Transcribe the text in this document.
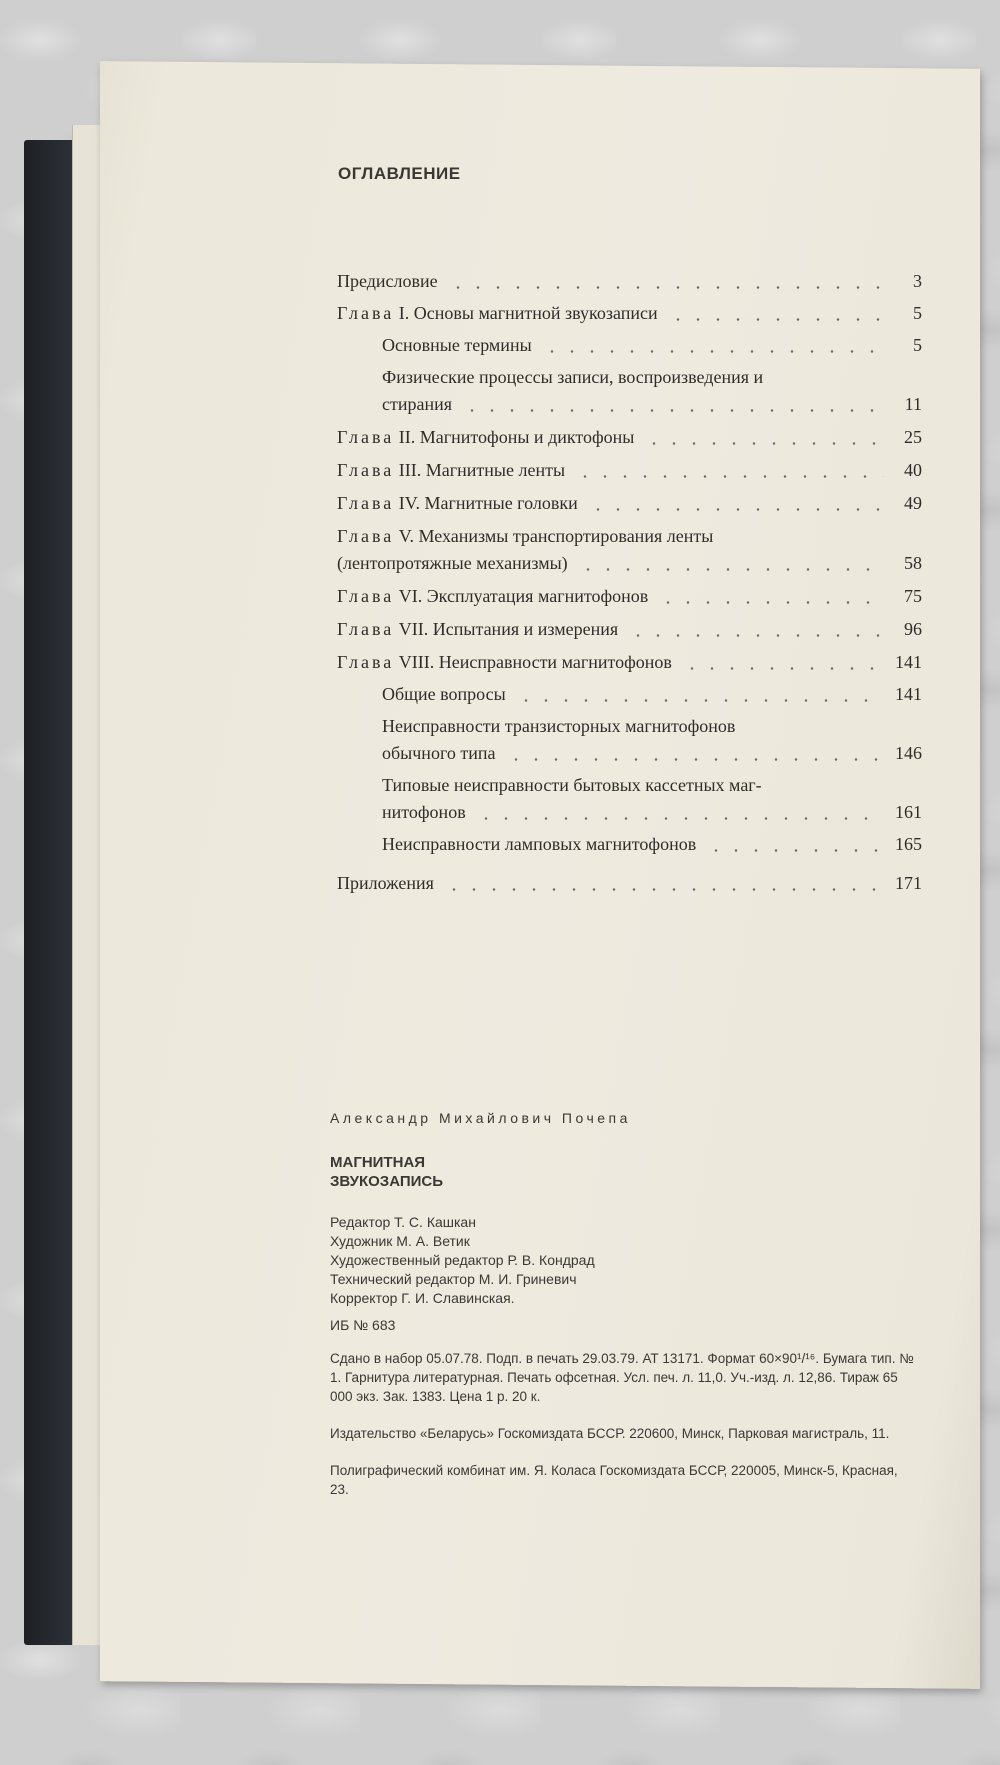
ОГЛАВЛЕНИЕ
Предисловие	3
Глава I. Основы магнитной звукозаписи	5
Основные термины	5
Физические процессы записи, воспроизведения и
стирания	11
Глава II. Магнитофоны и диктофоны	25
Глава III. Магнитные ленты	40
Глава IV. Магнитные головки	49
Глава V. Механизмы транспортирования ленты
(лентопротяжные механизмы)	58
Глава VI. Эксплуатация магнитофонов	75
Глава VII. Испытания и измерения	96
Глава VIII. Неисправности магнитофонов	141
Общие вопросы	141
Неисправности транзисторных магнитофонов
обычного типа	146
Типовые неисправности бытовых кассетных маг-
нитофонов	161
Неисправности ламповых магнитофонов	165
Приложения	171
Александр Михайлович Почепа
МАГНИТНАЯ
ЗВУКОЗАПИСЬ
Редактор Т. С. Кашкан
Художник М. А. Ветик
Художественный редактор Р. В. Кондрад
Технический редактор М. И. Гриневич
Корректор Г. И. Славинская.
ИБ № 683
Сдано в набор 05.07.78. Подп. в печать 29.03.79. АТ 13171. Формат 60×90¹/¹⁶. Бумага тип. № 1. Гарнитура литературная. Печать офсетная. Усл. печ. л. 11,0. Уч.-изд. л. 12,86. Тираж 65 000 экз. Зак. 1383. Цена 1 р. 20 к.
Издательство «Беларусь» Госкомиздата БССР. 220600, Минск, Парковая магистраль, 11.
Полиграфический комбинат им. Я. Коласа Госкомиздата БССР, 220005, Минск-5, Красная, 23.
